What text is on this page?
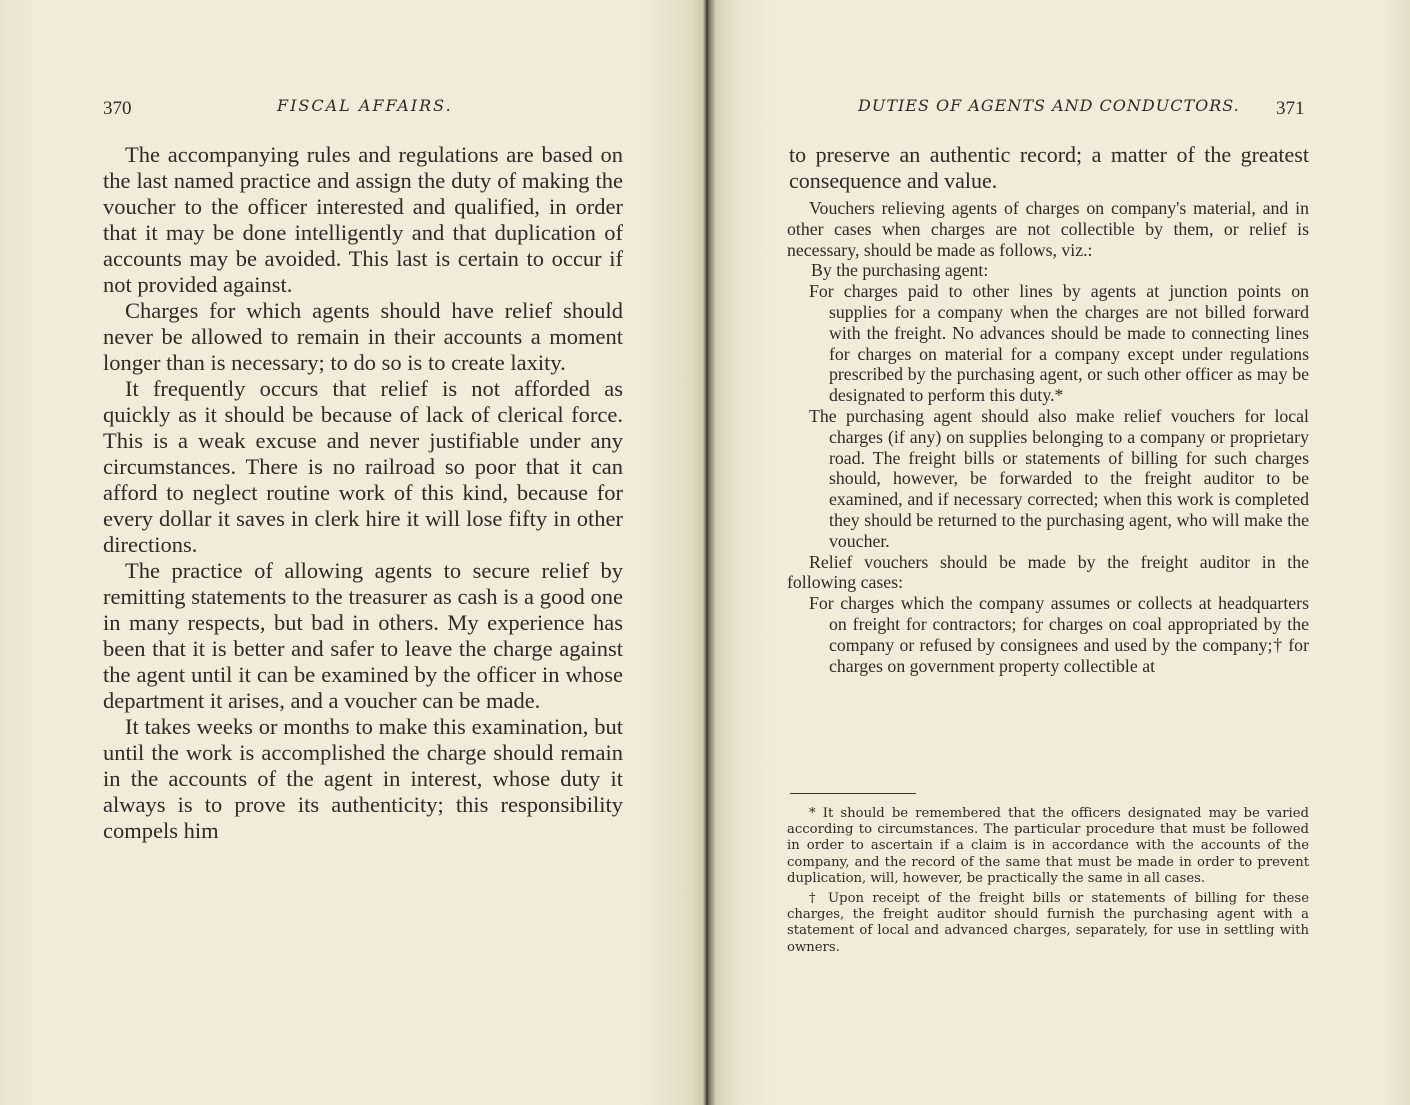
370	FISCAL AFFAIRS.

The accompanying rules and regulations are based on the last named practice and assign the duty of making the voucher to the officer interested and qualified, in order that it may be done intelligently and that duplication of accounts may be avoided. This last is certain to occur if not provided against.

Charges for which agents should have relief should never be allowed to remain in their accounts a moment longer than is necessary; to do so is to create laxity.

It frequently occurs that relief is not afforded as quickly as it should be because of lack of clerical force. This is a weak excuse and never justifiable under any circumstances. There is no railroad so poor that it can afford to neglect routine work of this kind, because for every dollar it saves in clerk hire it will lose fifty in other directions.

The practice of allowing agents to secure relief by remitting statements to the treasurer as cash is a good one in many respects, but bad in others. My experience has been that it is better and safer to leave the charge against the agent until it can be examined by the officer in whose department it arises, and a voucher can be made.

It takes weeks or months to make this examination, but until the work is accomplished the charge should remain in the accounts of the agent in interest, whose duty it always is to prove its authenticity; this responsibility compels him

DUTIES OF AGENTS AND CONDUCTORS. 371
to preserve an authentic record; a matter of the greatest consequence and value.

Vouchers relieving agents of charges on company's material, and in other cases when charges are not collectible by them, or relief is necessary, should be made as follows, viz.:

By the purchasing agent:

For charges paid to other lines by agents at junction points on supplies for a company when the charges are not billed forward with the freight. No advances should be made to connecting lines for charges on material for a company except under regulations prescribed by the purchasing agent, or such other officer as may be designated to perform this duty.*

The purchasing agent should also make relief vouchers for local charges (if any) on supplies belonging to a company or proprietary road. The freight bills or statements of billing for such charges should, however, be forwarded to the freight auditor to be examined, and if necessary corrected; when this work is completed they should be returned to the purchasing agent, who will make the voucher.

Relief vouchers should be made by the freight auditor in the following cases:

For charges which the company assumes or collects at headquarters on freight for contractors; for charges on coal appropriated by the company or refused by consignees and used by the company;† for charges on government property collectible at

* It should be remembered that the officers designated may be varied according to circumstances. The particular procedure that must be followed in order to ascertain if a claim is in accordance with the accounts of the company, and the record of the same that must be made in order to prevent duplication, will, however, be practically the same in all cases.

† Upon receipt of the freight bills or statements of billing for these charges, the freight auditor should furnish the purchasing agent with a statement of local and advanced charges, separately, for use in settling with owners.
